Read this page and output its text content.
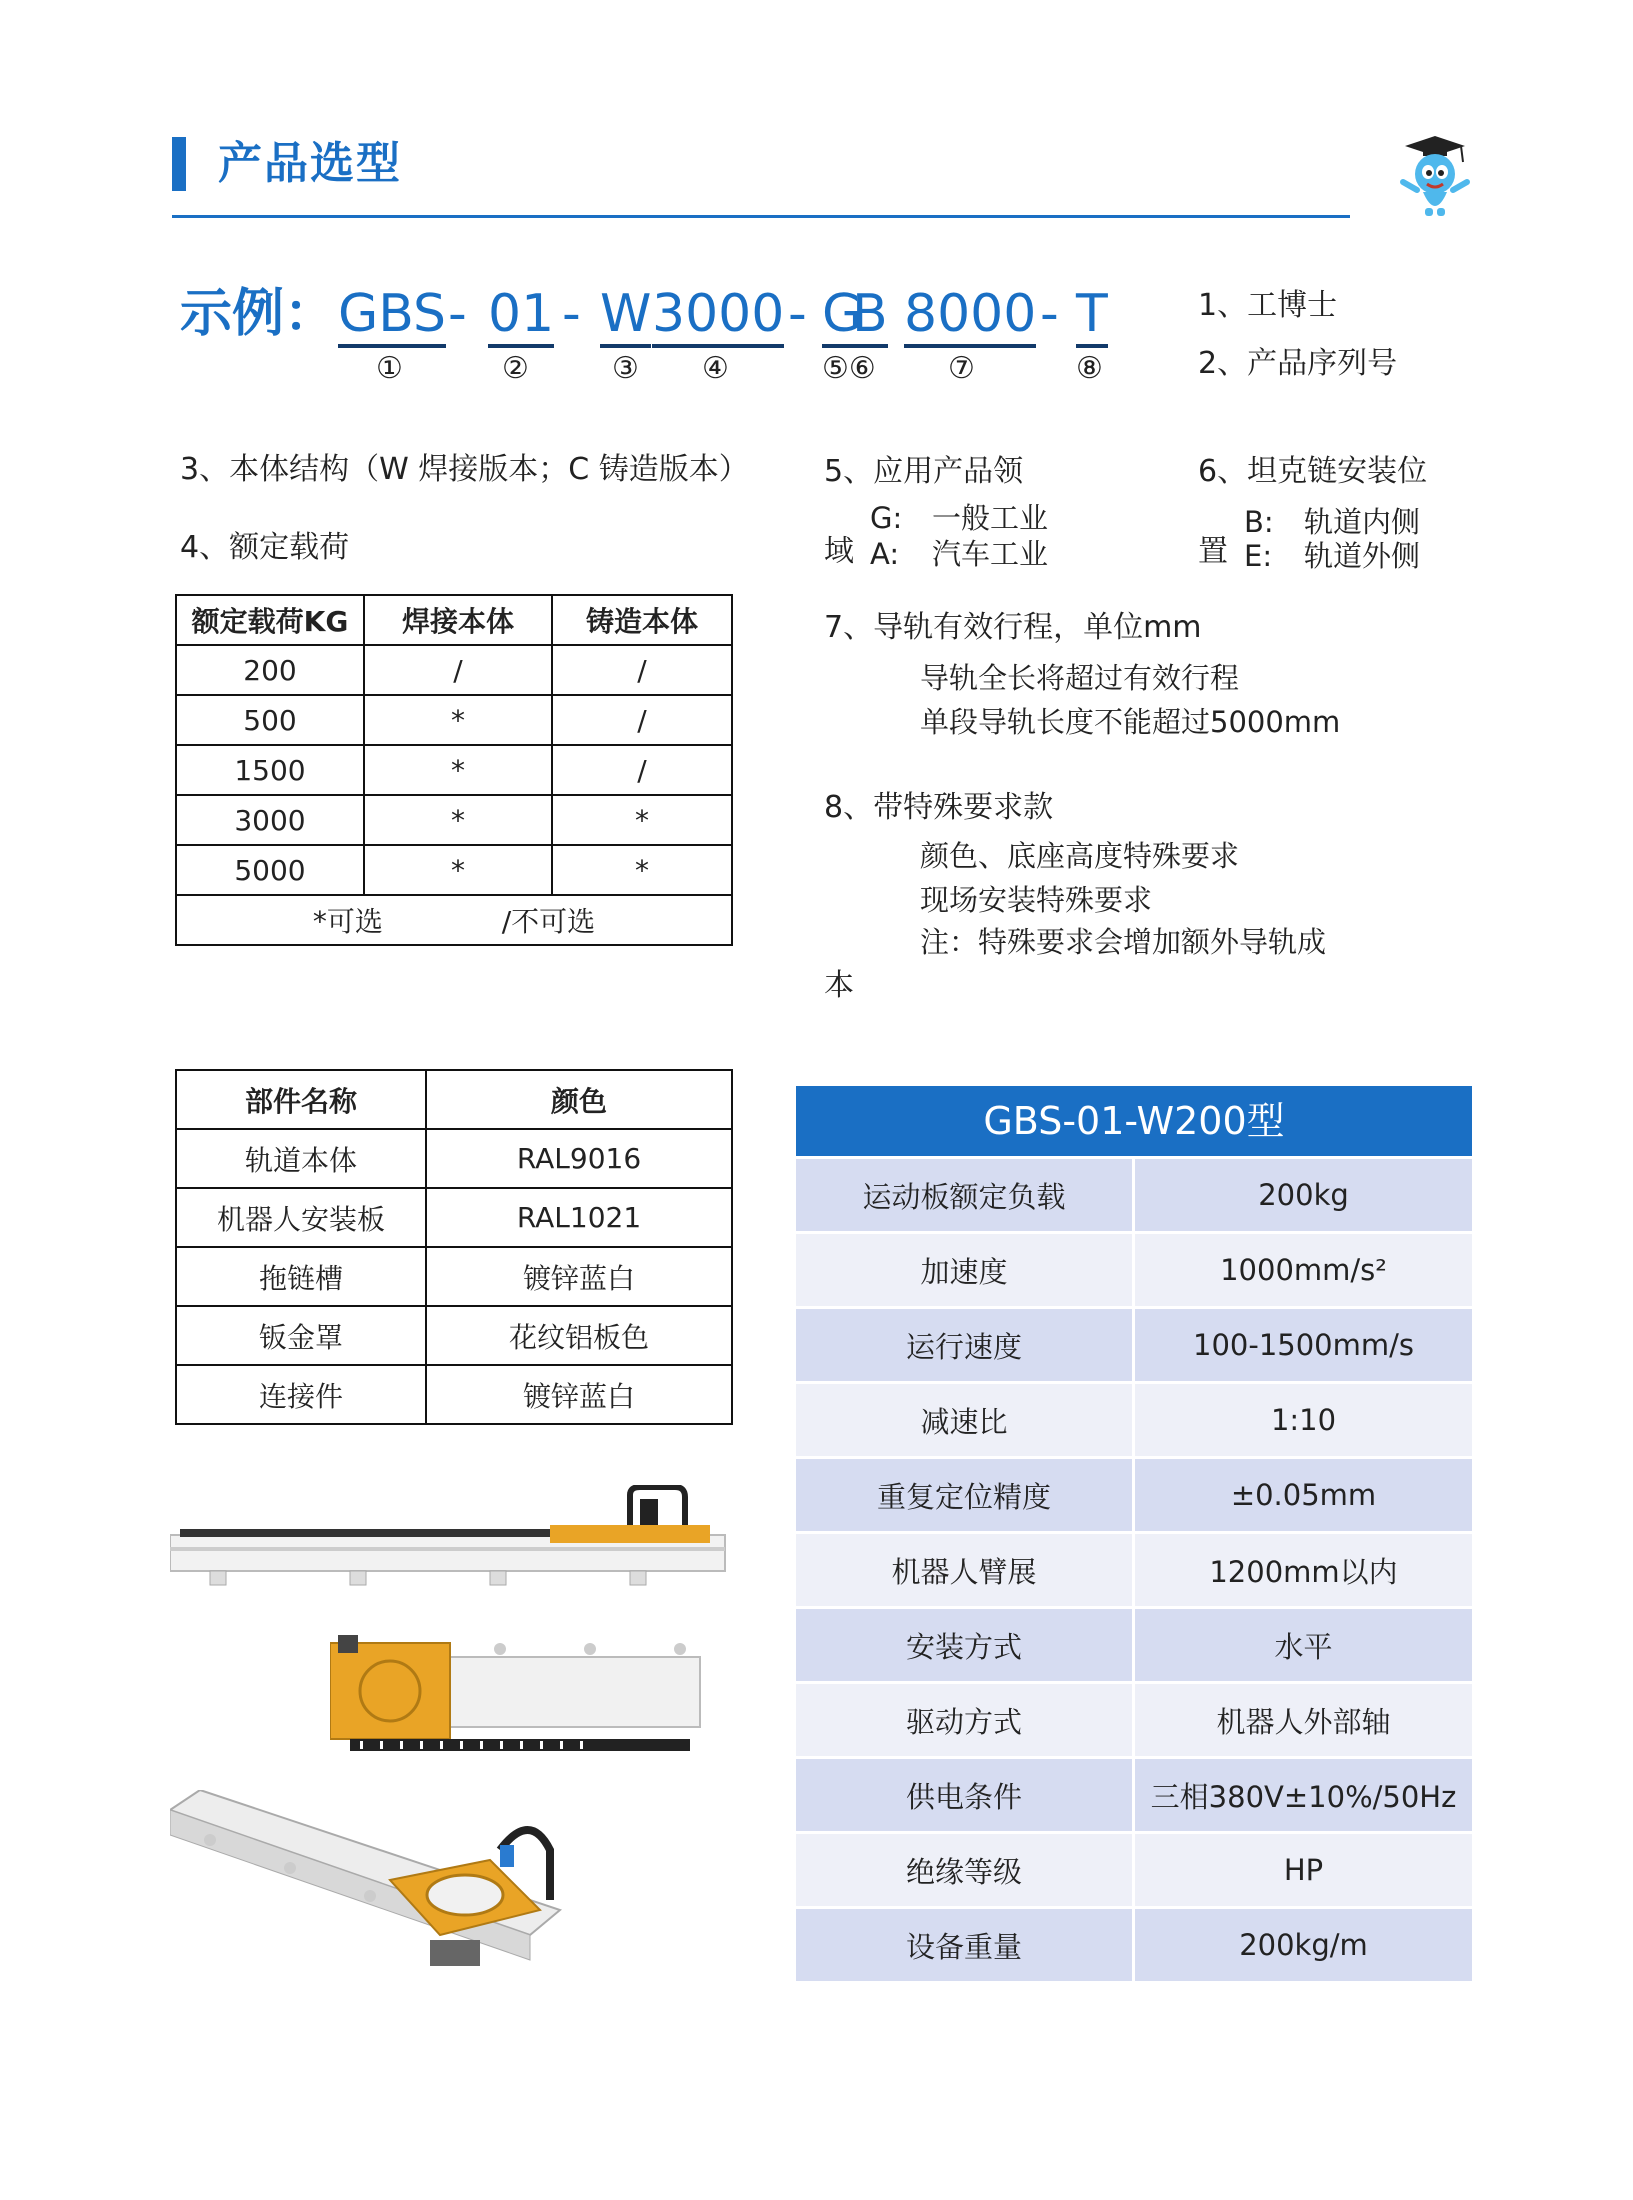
产品选型
示例： GBS - 01 - W 3000 - G
B 8000 - T
①	②	③ ④	⑤⑥ ⑦	⑧
1、工博士
2、产品序列号
3、本体结构（W 焊接版本；C 铸造版本）
4、额定载荷
5、应用产品领
G: 一般工业
域 A: 汽车工业
6、坦克链安装位
B: 轨道内侧
置 E: 轨道外侧
7、导轨有效行程，单位mm
导轨全长将超过有效行程
单段导轨长度不能超过5000mm
8、带特殊要求款
颜色、底座高度特殊要求
现场安装特殊要求
注：特殊要求会增加额外导轨成
本
额定载荷KG	焊接本体	铸造本体
200	/	/
500	*	/
1500	*	/
3000	*	*
5000	*	*
*可选 /不可选		
部件名称	颜色
轨道本体	RAL9016
机器人安装板	RAL1021
拖链槽	镀锌蓝白
钣金罩	花纹铝板色
连接件	镀锌蓝白
GBS-01-W200型
运动板额定负载	200kg
加速度	1000mm/s²
运行速度	100-1500mm/s
减速比	1:10
重复定位精度	±0.05mm
机器人臂展	1200mm以内
安装方式	水平
驱动方式	机器人外部轴
供电条件	三相380V±10%/50Hz
绝缘等级	HP
设备重量	200kg/m
